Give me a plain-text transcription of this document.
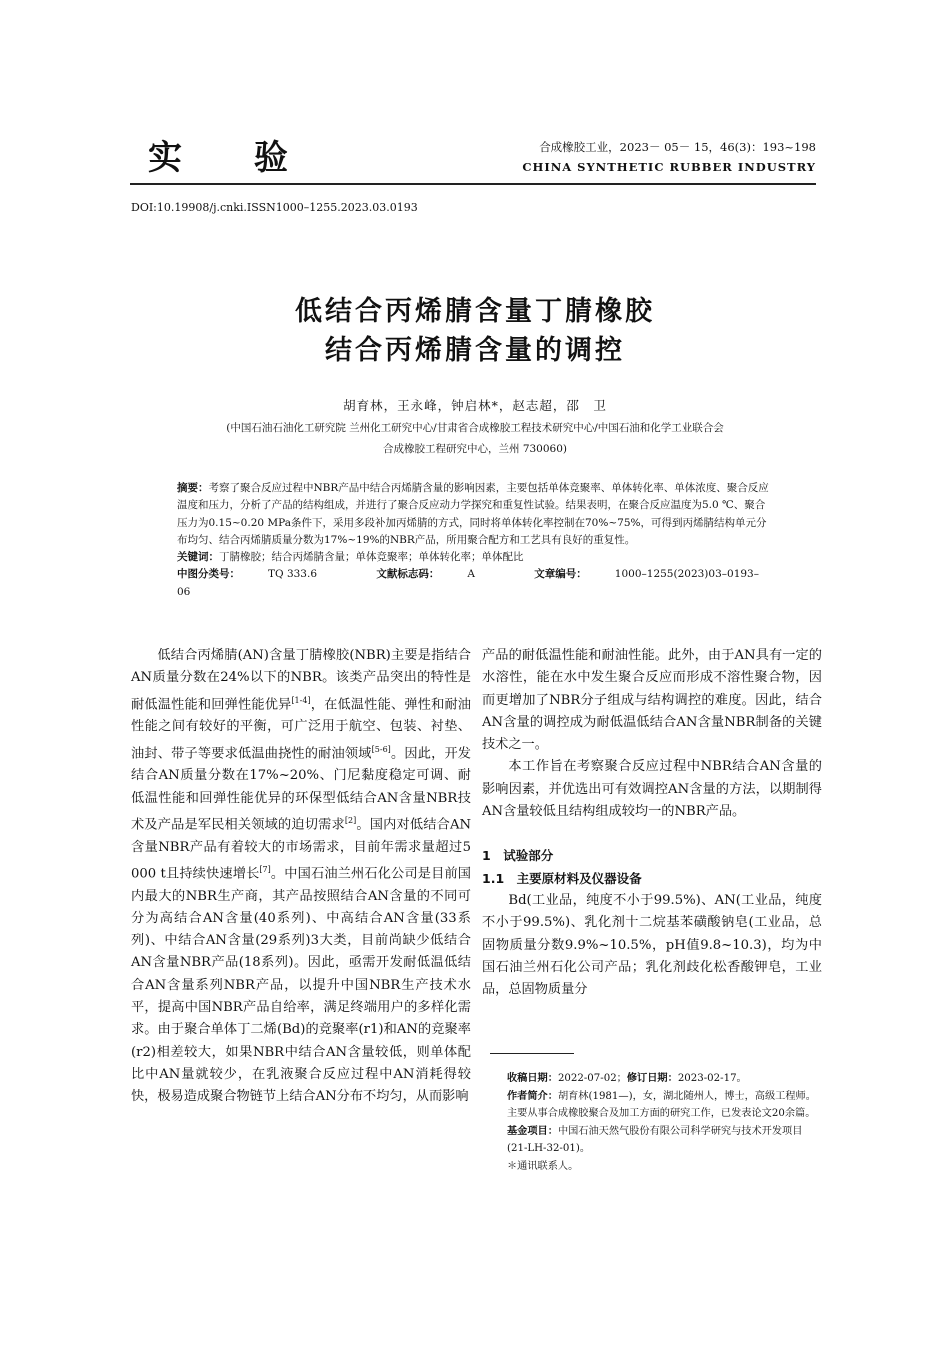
实 验	合成橡胶工业，2023－ 05－ 15，46(3)：193~198
CHINA SYNTHETIC RUBBER INDUSTRY
DOI:10.19908/j.cnki.ISSN1000–1255.2023.03.0193
低结合丙烯腈含量丁腈橡胶
结合丙烯腈含量的调控
胡育林，王永峰，钟启林*，赵志超，邵　卫
(中国石油石油化工研究院 兰州化工研究中心/甘肃省合成橡胶工程技术研究中心/中国石油和化学工业联合会
合成橡胶工程研究中心，兰州 730060)

摘要：考察了聚合反应过程中NBR产品中结合丙烯腈含量的影响因素，主要包括单体竞聚率、单体转化率、单体浓度、聚合反应温度和压力，分析了产品的结构组成，并进行了聚合反应动力学探究和重复性试验。结果表明，在聚合反应温度为5.0 ℃、聚合压力为0.15~0.20 MPa条件下，采用多段补加丙烯腈的方式，同时将单体转化率控制在70%~75%，可得到丙烯腈结构单元分布均匀、结合丙烯腈质量分数为17%~19%的NBR产品，所用聚合配方和工艺具有良好的重复性。

关键词：丁腈橡胶；结合丙烯腈含量；单体竞聚率；单体转化率；单体配比

中图分类号：	TQ 333.6	文献标志码：	A	文章编号：	1000–1255(2023)03–0193–06

低结合丙烯腈(AN)含量丁腈橡胶(NBR)主要是指结合AN质量分数在24%以下的NBR。该类产品突出的特性是耐低温性能和回弹性能优异[1-4]，在低温性能、弹性和耐油性能之间有较好的平衡，可广泛用于航空、包装、衬垫、油封、带子等要求低温曲挠性的耐油领域[5-6]。因此，开发结合AN质量分数在17%~20%、门尼黏度稳定可调、耐低温性能和回弹性能优异的环保型低结合AN含量NBR技术及产品是军民相关领域的迫切需求[2]。国内对低结合AN含量NBR产品有着较大的市场需求，目前年需求量超过5 000 t且持续快速增长[7]。中国石油兰州石化公司是目前国内最大的NBR生产商，其产品按照结合AN含量的不同可分为高结合AN含量(40系列)、中高结合AN含量(33系列)、中结合AN含量(29系列)3大类，目前尚缺少低结合AN含量NBR产品(18系列)。因此，亟需开发耐低温低结合AN含量系列NBR产品，以提升中国NBR生产技术水平，提高中国NBR产品自给率，满足终端用户的多样化需求。由于聚合单体丁二烯(Bd)的竞聚率(r1)和AN的竞聚率(r2)相差较大，如果NBR中结合AN含量较低，则单体配比中AN量就较少，在乳液聚合反应过程中AN消耗得较快，极易造成聚合物链节上结合AN分布不均匀，从而影响

产品的耐低温性能和耐油性能。此外，由于AN具有一定的水溶性，能在水中发生聚合反应而形成不溶性聚合物，因而更增加了NBR分子组成与结构调控的难度。因此，结合AN含量的调控成为耐低温低结合AN含量NBR制备的关键技术之一。

本工作旨在考察聚合反应过程中NBR结合AN含量的影响因素，并优选出可有效调控AN含量的方法，以期制得AN含量较低且结构组成较均一的NBR产品。

1　试验部分

1.1　主要原材料及仪器设备

Bd(工业品，纯度不小于99.5%)、AN(工业品，纯度不小于99.5%)、乳化剂十二烷基苯磺酸钠皂(工业品，总固物质量分数9.9%~10.5%，pH值9.8~10.3)，均为中国石油兰州石化公司产品；乳化剂歧化松香酸钾皂，工业品，总固物质量分

收稿日期：2022-07-02；修订日期：2023-02-17。

作者简介：胡育林(1981—)，女，湖北随州人，博士，高级工程师。主要从事合成橡胶聚合及加工方面的研究工作，已发表论文20余篇。

基金项目：中国石油天然气股份有限公司科学研究与技术开发项目(21-LH-32-01)。

＊通讯联系人。
